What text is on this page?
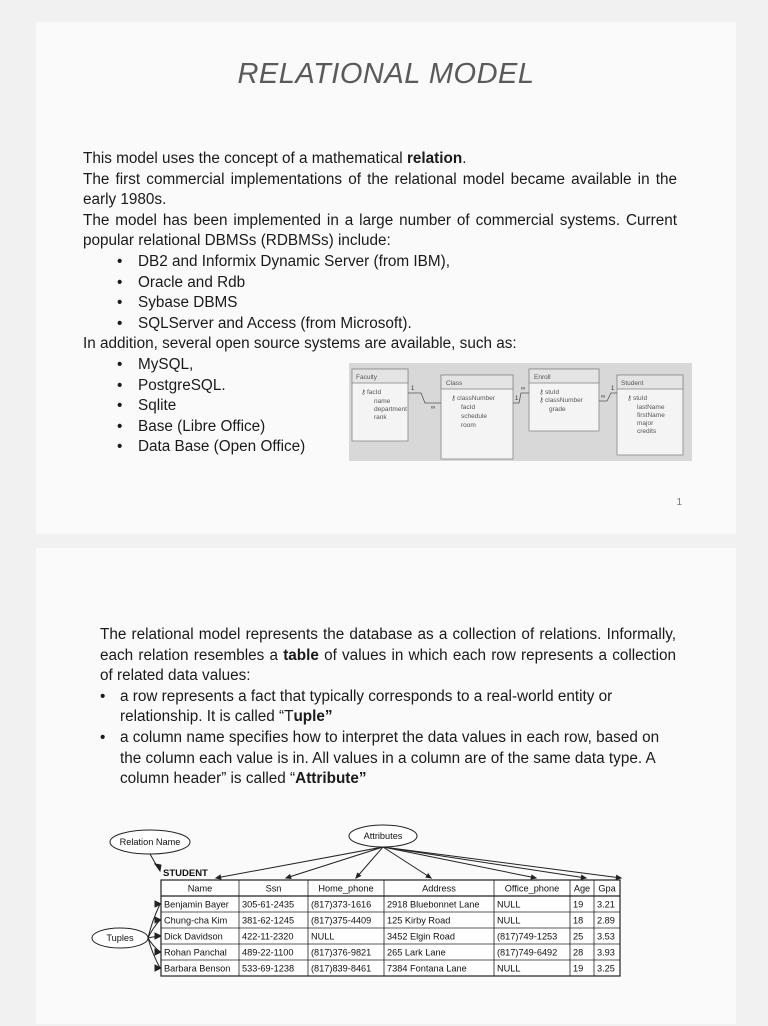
RELATIONAL MODEL

This model uses the concept of a mathematical relation.

The first commercial implementations of the relational model became available in the early 1980s.

The model has been implemented in a large number of commercial systems. Current popular relational DBMSs (RDBMSs) include:

• DB2 and Informix Dynamic Server (from IBM),
• Oracle and Rdb
• Sybase DBMS
• SQLServer and Access (from Microsoft).

In addition, several open source systems are available, such as:

• MySQL,
• PostgreSQL.
• Sqlite
• Base (Libre Office)
• Data Base (Open Office)
Faculty
facId
⚷
name
department
rank
Class
⚷ classNumber
facId
schedule
room
Enroll
⚷ stuId
⚷ classNumber
grade
Student
⚷ stuId
lastName
firstName
major
credits
1
∞
1
∞
∞
1
1

The relational model represents the database as a collection of relations. Informally, each relation resembles a table of values in which each row represents a collection of related data values:

• a row represents a fact that typically corresponds to a real-world entity or relationship. It is called “Tuple”
• a column name specifies how to interpret the data values in each row, based on the column each value is in. All values in a column are of the same data type. A column header” is called “Attribute”
Relation Name
Attributes
Tuples
STUDENT
Name	Ssn	Home_phone	Address	Office_phone Age Gpa
Benjamin Bayer 305-61-2435 (817)373-1616 2918 Bluebonnet Lane NULL	19 3.21
Chung-cha Kim 381-62-1245 (817)375-4409 125 Kirby Road	NULL	18 2.89
Dick Davidson 422-11-2320 NULL	3452 Elgin Road	(817)749-1253 25 3.53
Rohan Panchal 489-22-1100 (817)376-9821 265 Lark Lane	(817)749-6492 28 3.93
Barbara Benson 533-69-1238 (817)839-8461 7384 Fontana Lane	NULL	19 3.25
